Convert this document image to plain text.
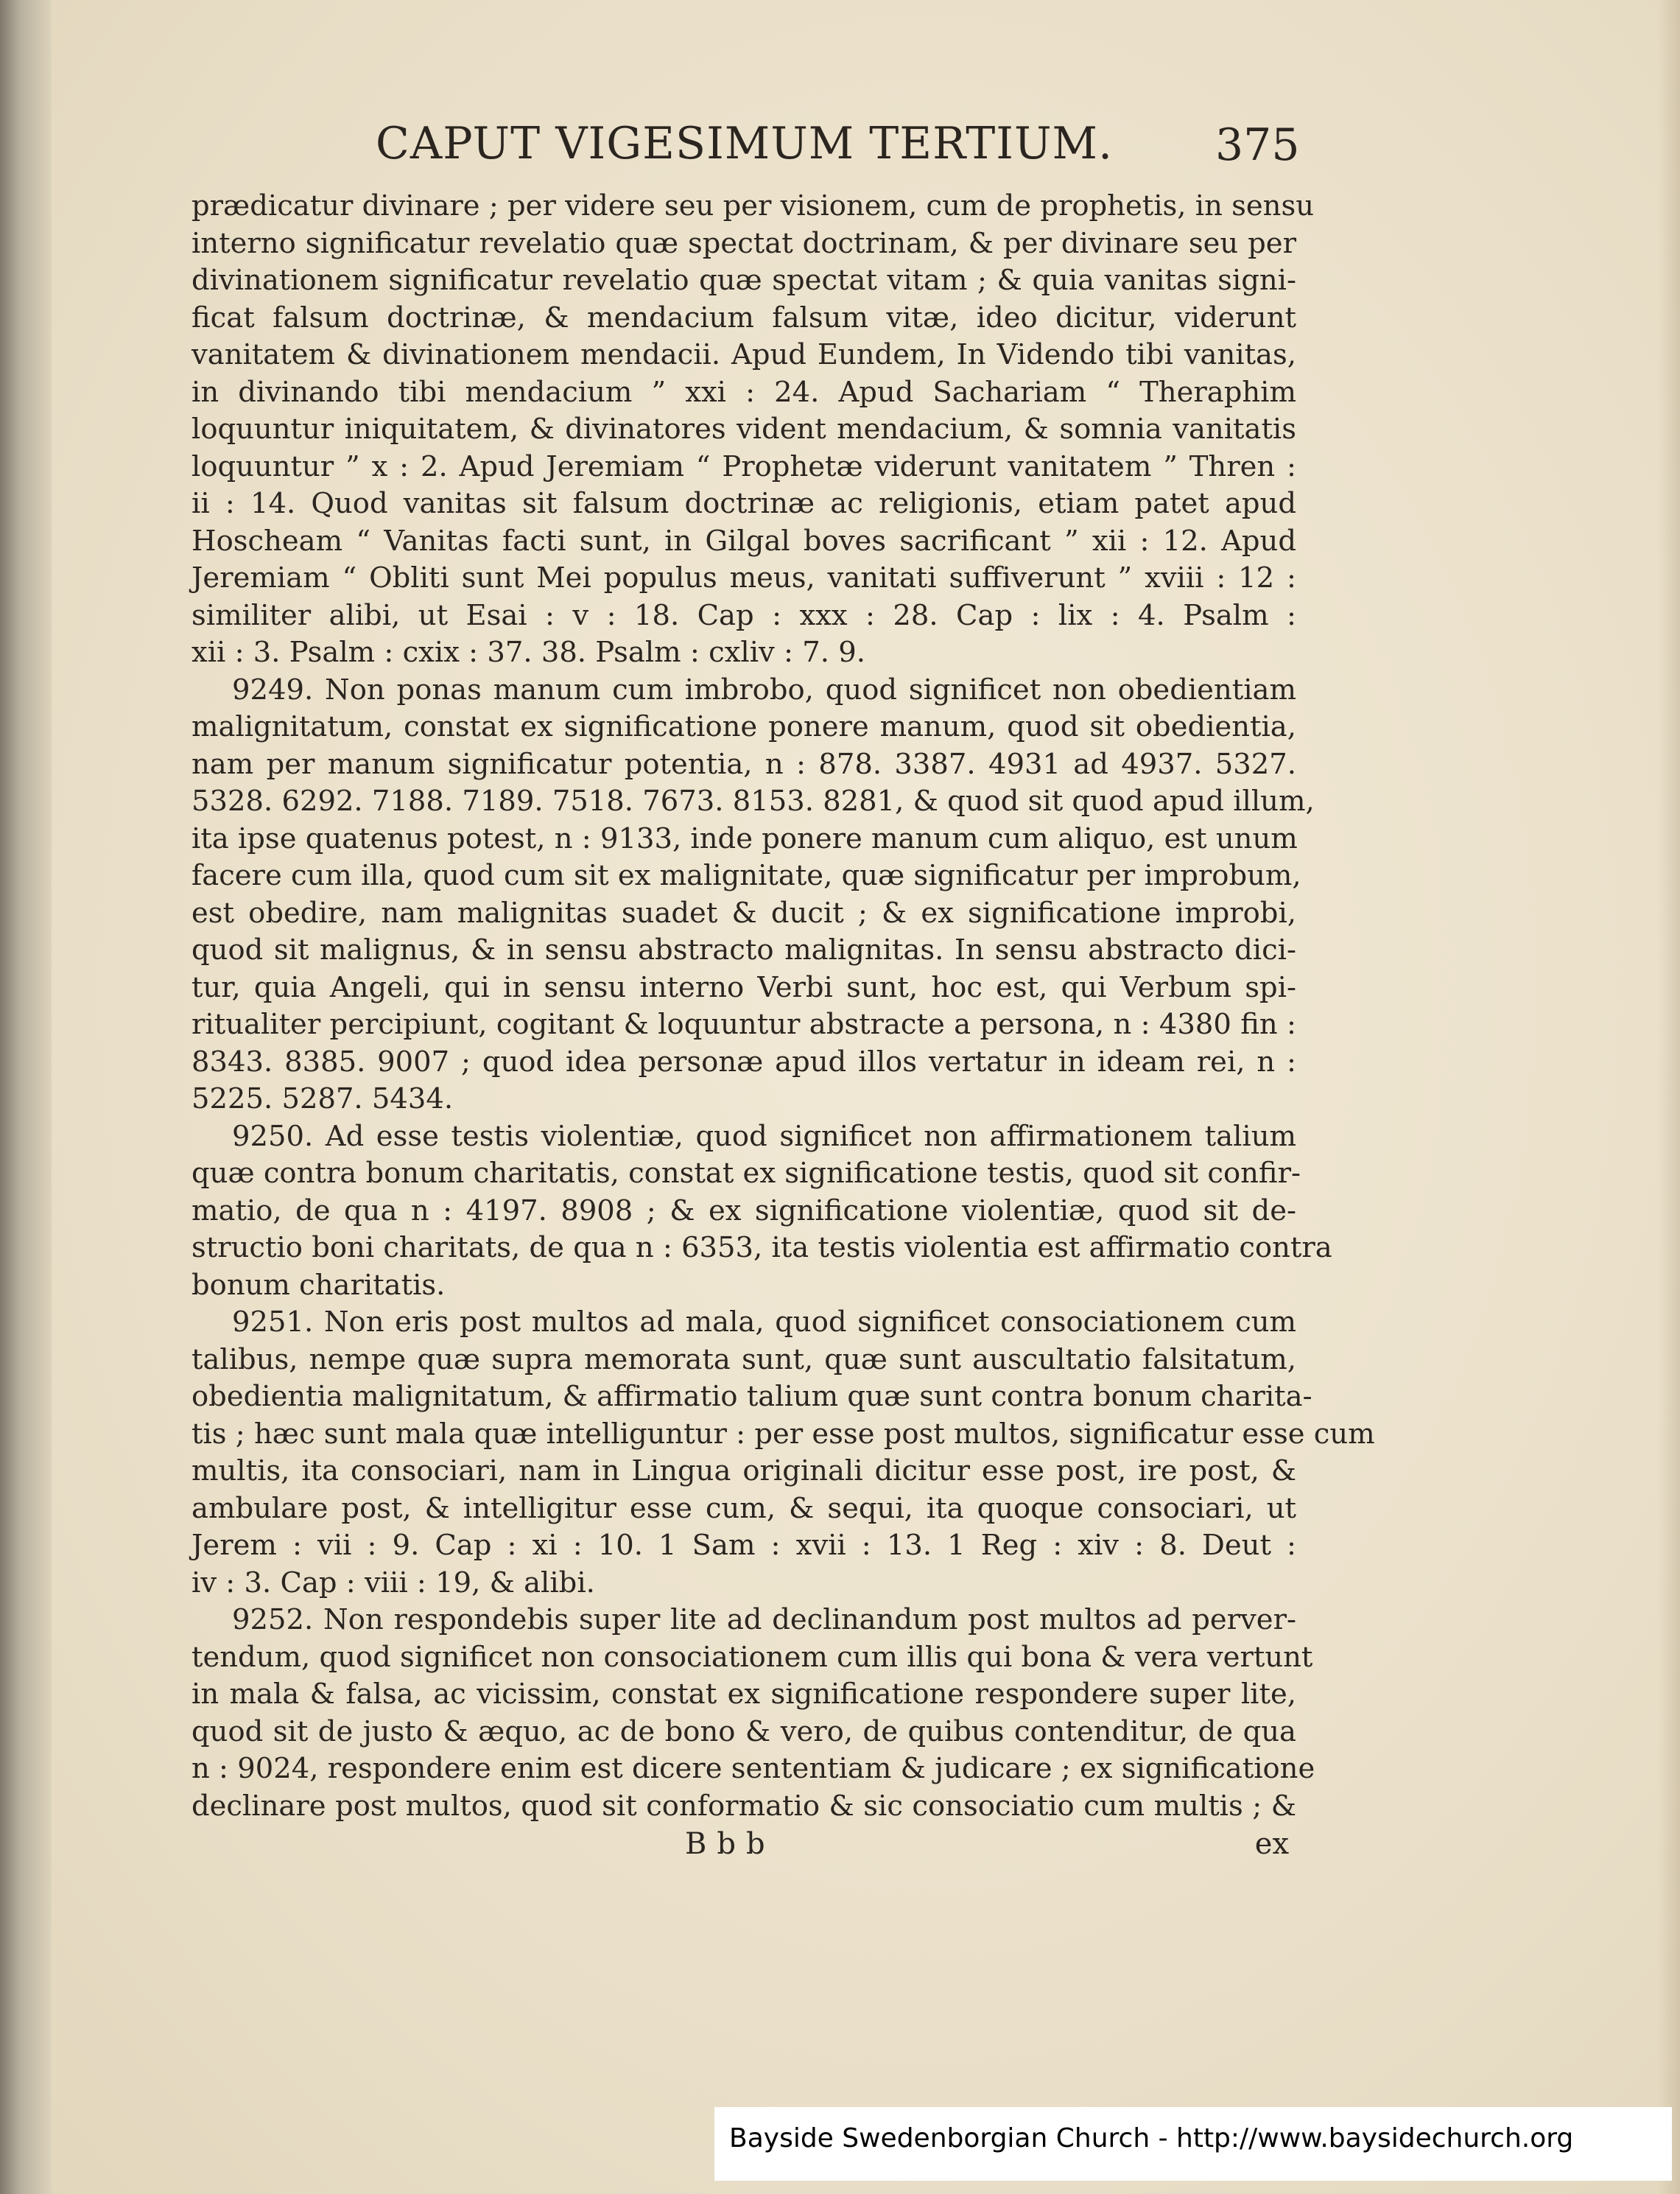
CAPUT VIGESIMUM TERTIUM. 375
prædicatur divinare ; per videre seu per visionem, cum de prophetis, in sensu
interno significatur revelatio quæ spectat doctrinam, & per divinare seu per
divinationem significatur revelatio quæ spectat vitam ; & quia vanitas signi-
ficat falsum doctrinæ, & mendacium falsum vitæ, ideo dicitur, viderunt
vanitatem & divinationem mendacii. Apud Eundem, In Videndo tibi vanitas,
in divinando tibi mendacium ” xxi : 24. Apud Sachariam “ Theraphim
loquuntur iniquitatem, & divinatores vident mendacium, & somnia vanitatis
loquuntur ” x : 2. Apud Jeremiam “ Prophetæ viderunt vanitatem ” Thren :
ii : 14. Quod vanitas sit falsum doctrinæ ac religionis, etiam patet apud
Hoscheam “ Vanitas facti sunt, in Gilgal boves sacrificant ” xii : 12. Apud
Jeremiam “ Obliti sunt Mei populus meus, vanitati suffiverunt ” xviii : 12 :
similiter alibi, ut Esai : v : 18. Cap : xxx : 28. Cap : lix : 4. Psalm :
xii : 3. Psalm : cxix : 37. 38. Psalm : cxliv : 7. 9.
9249. Non ponas manum cum imbrobo, quod significet non obedientiam
malignitatum, constat ex significatione ponere manum, quod sit obedientia,
nam per manum significatur potentia, n : 878. 3387. 4931 ad 4937. 5327.
5328. 6292. 7188. 7189. 7518. 7673. 8153. 8281, & quod sit quod apud illum,
ita ipse quatenus potest, n : 9133, inde ponere manum cum aliquo, est unum
facere cum illa, quod cum sit ex malignitate, quæ significatur per improbum,
est obedire, nam malignitas suadet & ducit ; & ex significatione improbi,
quod sit malignus, & in sensu abstracto malignitas. In sensu abstracto dici-
tur, quia Angeli, qui in sensu interno Verbi sunt, hoc est, qui Verbum spi-
ritualiter percipiunt, cogitant & loquuntur abstracte a persona, n : 4380 fin :
8343. 8385. 9007 ; quod idea personæ apud illos vertatur in ideam rei, n :
5225. 5287. 5434.
9250. Ad esse testis violentiæ, quod significet non affirmationem talium
quæ contra bonum charitatis, constat ex significatione testis, quod sit confir-
matio, de qua n : 4197. 8908 ; & ex significatione violentiæ, quod sit de-
structio boni charitats, de qua n : 6353, ita testis violentia est affirmatio contra
bonum charitatis.
9251. Non eris post multos ad mala, quod significet consociationem cum
talibus, nempe quæ supra memorata sunt, quæ sunt auscultatio falsitatum,
obedientia malignitatum, & affirmatio talium quæ sunt contra bonum charita-
tis ; hæc sunt mala quæ intelliguntur : per esse post multos, significatur esse cum
multis, ita consociari, nam in Lingua originali dicitur esse post, ire post, &
ambulare post, & intelligitur esse cum, & sequi, ita quoque consociari, ut
Jerem : vii : 9. Cap : xi : 10. 1 Sam : xvii : 13. 1 Reg : xiv : 8. Deut :
iv : 3. Cap : viii : 19, & alibi.
9252. Non respondebis super lite ad declinandum post multos ad perver-
tendum, quod significet non consociationem cum illis qui bona & vera vertunt
in mala & falsa, ac vicissim, constat ex significatione respondere super lite,
quod sit de justo & æquo, ac de bono & vero, de quibus contenditur, de qua
n : 9024, respondere enim est dicere sententiam & judicare ; ex significatione
declinare post multos, quod sit conformatio & sic consociatio cum multis ; &
Bbb	ex
Bayside Swedenborgian Church - http://www.baysidechurch.org
